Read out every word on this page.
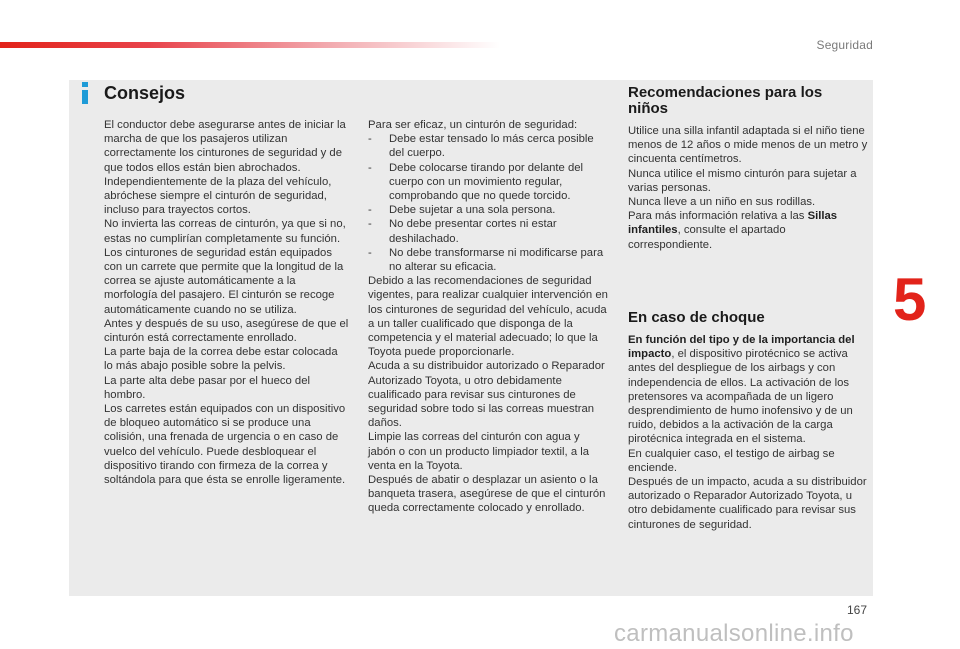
Seguridad
5
Consejos

El conductor debe asegurarse antes de iniciar la marcha de que los pasajeros utilizan correctamente los cinturones de seguridad y de que todos ellos están bien abrochados.

Independientemente de la plaza del vehículo, abróchese siempre el cinturón de seguridad, incluso para trayectos cortos.

No invierta las correas de cinturón, ya que si no, estas no cumplirían completamente su función.

Los cinturones de seguridad están equipados con un carrete que permite que la longitud de la correa se ajuste automáticamente a la morfología del pasajero. El cinturón se recoge automáticamente cuando no se utiliza.

Antes y después de su uso, asegúrese de que el cinturón está correctamente enrollado.

La parte baja de la correa debe estar colocada lo más abajo posible sobre la pelvis.

La parte alta debe pasar por el hueco del hombro.

Los carretes están equipados con un dispositivo de bloqueo automático si se produce una colisión, una frenada de urgencia o en caso de vuelco del vehículo. Puede desbloquear el dispositivo tirando con firmeza de la correa y soltándola para que ésta se enrolle ligeramente.

Para ser eficaz, un cinturón de seguridad:

-	Debe estar tensado lo más cerca posible del cuerpo.
-	Debe colocarse tirando por delante del cuerpo con un movimiento regular, comprobando que no quede torcido.
-	Debe sujetar a una sola persona.
-	No debe presentar cortes ni estar deshilachado.
-	No debe transformarse ni modificarse para no alterar su eficacia.

Debido a las recomendaciones de seguridad vigentes, para realizar cualquier intervención en los cinturones de seguridad del vehículo, acuda a un taller cualificado que disponga de la competencia y el material adecuado; lo que la Toyota puede proporcionarle.

Acuda a su distribuidor autorizado o Reparador Autorizado Toyota, u otro debidamente cualificado para revisar sus cinturones de seguridad sobre todo si las correas muestran daños.

Limpie las correas del cinturón con agua y jabón o con un producto limpiador textil, a la venta en la Toyota.

Después de abatir o desplazar un asiento o la banqueta trasera, asegúrese de que el cinturón queda correctamente colocado y enrollado.

Recomendaciones para los niños

Utilice una silla infantil adaptada si el niño tiene menos de 12 años o mide menos de un metro y cincuenta centímetros.

Nunca utilice el mismo cinturón para sujetar a varias personas.

Nunca lleve a un niño en sus rodillas.

Para más información relativa a las Sillas infantiles, consulte el apartado correspondiente.

En caso de choque

En función del tipo y de la importancia del impacto, el dispositivo pirotécnico se activa antes del despliegue de los airbags y con independencia de ellos. La activación de los pretensores va acompañada de un ligero desprendimiento de humo inofensivo y de un ruido, debidos a la activación de la carga pirotécnica integrada en el sistema.

En cualquier caso, el testigo de airbag se enciende.

Después de un impacto, acuda a su distribuidor autorizado o Reparador Autorizado Toyota, u otro debidamente cualificado para revisar sus cinturones de seguridad.

167
carmanualsonline.info
